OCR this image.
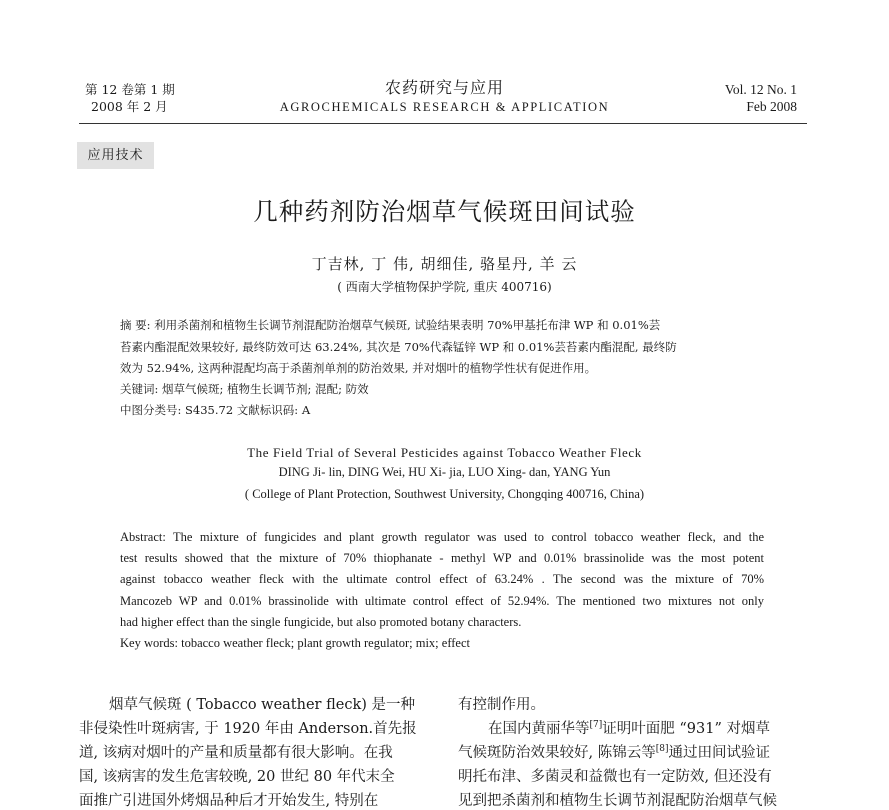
第 12 卷第 1 期
2008 年 2 月
农药研究与应用
AGROCHEMICALS RESEARCH & APPLICATION
Vol. 12 No. 1
Feb 2008
应用技术
几种药剂防治烟草气候斑田间试验
丁吉林, 丁 伟, 胡细佳, 骆星丹, 羊 云
( 西南大学植物保护学院, 重庆 400716)
摘 要: 利用杀菌剂和植物生长调节剂混配防治烟草气候斑, 试验结果表明 70%甲基托布津 WP 和 0.01%芸
苔素内酯混配效果较好, 最终防效可达 63.24%, 其次是 70%代森锰锌 WP 和 0.01%芸苔素内酯混配, 最终防
效为 52.94%, 这两种混配均高于杀菌剂单剂的防治效果, 并对烟叶的植物学性状有促进作用。
关键词: 烟草气候斑; 植物生长调节剂; 混配; 防效
中图分类号: S435.72 文献标识码: A
The Field Trial of Several Pesticides against Tobacco Weather Fleck
DING Ji- lin, DING Wei, HU Xi- jia, LUO Xing- dan, YANG Yun
( College of Plant Protection, Southwest University, Chongqing 400716, China)
Abstract: The mixture of fungicides and plant growth regulator was used to control tobacco weather fleck, and the
test results showed that the mixture of 70% thiophanate - methyl WP and 0.01% brassinolide was the most potent
against tobacco weather fleck with the ultimate control effect of 63.24% . The second was the mixture of 70%
Mancozeb WP and 0.01% brassinolide with ultimate control effect of 52.94%. The mentioned two mixtures not only
had higher effect than the single fungicide, but also promoted botany characters.
Key words: tobacco weather fleck; plant growth regulator; mix; effect
烟草气候斑 ( Tobacco weather fleck) 是一种
非侵染性叶斑病害, 于 1920 年由 Anderson.首先报
道, 该病对烟叶的产量和质量都有很大影响。在我
国, 该病害的发生危害较晚, 20 世纪 80 年代末全
面推广引进国外烤烟品种后才开始发生, 特别在
有控制作用。
在国内黄丽华等[7]证明叶面肥 “931” 对烟草
气候斑防治效果较好, 陈锦云等[8]通过田间试验证
明托布津、多菌灵和益微也有一定防效, 但还没有
见到把杀菌剂和植物生长调节剂混配防治烟草气候
